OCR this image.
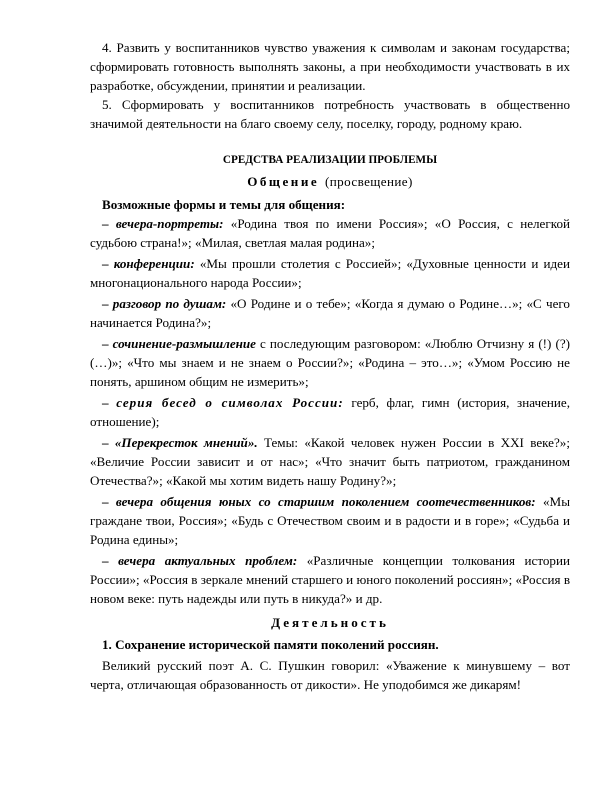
4. Развить у воспитанников чувство уважения к символам и законам государства; сформировать готовность выполнять законы, а при необходимости участвовать в их разработке, обсуждении, принятии и реализации.

5. Сформировать у воспитанников потребность участвовать в общественно значимой деятельности на благо своему селу, поселку, городу, родному краю.

СРЕДСТВА РЕАЛИЗАЦИИ ПРОБЛЕМЫ

Общение (просвещение)

Возможные формы и темы для общения:

– вечера-портреты: «Родина твоя по имени Россия»; «О Россия, с нелегкой судьбою страна!»; «Милая, светлая малая родина»;

– конференции: «Мы прошли столетия с Россией»; «Духовные ценности и идеи многонационального народа России»;

– разговор по душам: «О Родине и о тебе»; «Когда я думаю о Родине…»; «С чего начинается Родина?»;

– сочинение-размышление с последующим разговором: «Люблю Отчизну я (!) (?) (…)»; «Что мы знаем и не знаем о России?»; «Родина – это…»; «Умом Россию не понять, аршином общим не измерить»;

– серия бесед о символах России: герб, флаг, гимн (история, значение, отношение);

– «Перекресток мнений». Темы: «Какой человек нужен России в XXI веке?»; «Величие России зависит и от нас»; «Что значит быть патриотом, гражданином Отечества?»; «Какой мы хотим видеть нашу Родину?»;

– вечера общения юных со старшим поколением соотечественников: «Мы граждане твои, Россия»; «Будь с Отечеством своим и в радости и в горе»; «Судьба и Родина едины»;

– вечера актуальных проблем: «Различные концепции толкования истории России»; «Россия в зеркале мнений старшего и юного поколений россиян»; «Россия в новом веке: путь надежды или путь в никуда?» и др.

Деятельность

1. Сохранение исторической памяти поколений россиян.

Великий русский поэт А. С. Пушкин говорил: «Уважение к минувшему – вот черта, отличающая образованность от дикости». Не уподобимся же дикарям!
